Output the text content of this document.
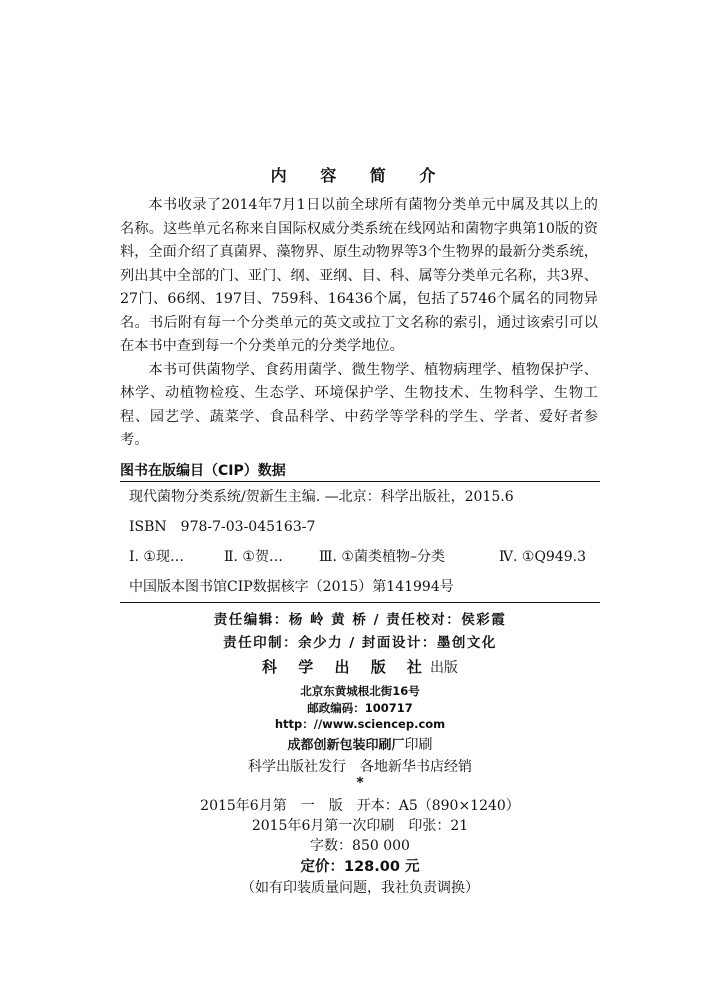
内 容 简 介

本书收录了2014年7月1日以前全球所有菌物分类单元中属及其以上的名称。这些单元名称来自国际权威分类系统在线网站和菌物字典第10版的资料，全面介绍了真菌界、藻物界、原生动物界等3个生物界的最新分类系统，列出其中全部的门、亚门、纲、亚纲、目、科、属等分类单元名称，共3界、27门、66纲、197目、759科、16436个属，包括了5746个属名的同物异名。书后附有每一个分类单元的英文或拉丁文名称的索引，通过该索引可以在本书中查到每一个分类单元的分类学地位。

本书可供菌物学、食药用菌学、微生物学、植物病理学、植物保护学、林学、动植物检疫、生态学、环境保护学、生物技术、生物科学、生物工程、园艺学、蔬菜学、食品科学、中药学等学科的学生、学者、爱好者参考。

图书在版编目（CIP）数据
现代菌物分类系统/贺新生主编. —北京：科学出版社，2015.6
ISBN　978-7-03-045163-7
Ⅰ. ①现…	Ⅱ. ①贺…	Ⅲ. ①菌类植物–分类	Ⅳ. ①Q949.3
中国版本图书馆CIP数据核字（2015）第141994号
责任编辑：杨 岭 黄 桥 / 责任校对：侯彩霞
责任印制：余少力 / 封面设计：墨创文化
科 学 出 版 社出版
北京东黄城根北街16号
邮政编码：100717
http：//www.sciencep.com
成都创新包装印刷厂印刷
科学出版社发行　各地新华书店经销
*
2015年6月第　一　版　开本：A5（890×1240）
2015年6月第一次印刷　印张：21
字数：850 000
定价：128.00 元
（如有印装质量问题，我社负责调换）
